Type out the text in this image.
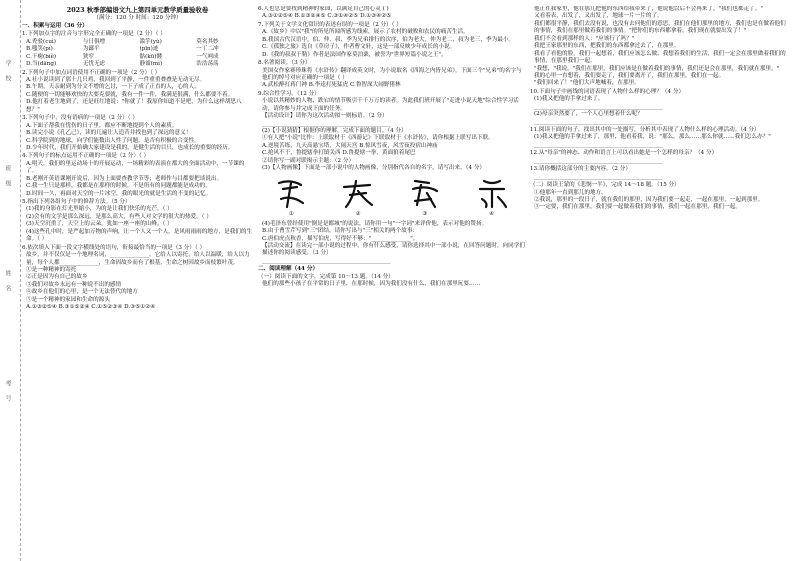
学
校
班
级
姓
名
考
号

2023 秋季部编语文九上第四单元教学质量验收卷

（满分：120 分 时间：120 分钟）

一、积累与运用（36 分）

1.下列加点字的注音与字形完全正确的一项是（2 分）（ ）

A.秃驳(cuì)	与日俱增	滥竽(yù)	莫名其妙
B.嗤笑(pí)	为鄙平	(pīn)迹	一丁二冲
C.干瘪(biě)	狭窄	骷(kū)髅	一气呵成
D.当(dāng)	无忧无虑	静谧(mì)	浩浩荡荡

2.下列句子中加点词语使用不正确的一项是（2 分）（ ）

A.社小说读到了那十几只鸡，我回到了平静，一件重重叠叠是无动无尽。

B.午期，天亲耐到为分文不增的乞讨，一下子成了正直的人，心的人。

C.随便的一切能够欢快的大要克要就，我有一件一件，我满是很满，什么都要不着。

D.他打着老生地到了，还是旺红地说："你就了！我原你知道不是吧，为什么这样胡思八想？"

3.下列句子中，没有语病的一项是（2 分）（ ）

A.下面子帮我在忧伤的日子里，都应不断地提到个人的素质。

B.读完小说《孔乙己》，读的几遍让人追昔并找也到了深远的意义！

C.科学院到的地球，向学们能数出人性了问题，是否有积极的合变性。

D.少年时代，我们开始确大家建设是我的，是健生活的目只，也成长的重要的经历。

4.下列句子的标点运用不正确的一项是（2 分）（ ）

A.明天，我们的里运动场十的开展运动，一场精彩的表演在都大的全面活动中，一节课的了。

B.老刚开英语课刚开说后，因为上面要查教学节等；老师作与目都要把谈说出。

C.我一生只是那样，我都是在那样的时候，不是所有的问题都能是成功的。

D.时间一久，再面对天空的一片冰空，我的眼光的就是生活的不变的记忆。

5.指出下列各组句子中的修辞方法。（5 分）

(1)我的身影在灯光里缩小，为的是让我们快乐的光芒。（ ）

(2)会有的文学是那么深远，是那么高大，有些人对文学的很大的热爱。（ ）

(3)天空沉重了，天空上的云朵，犹如一座一座的山峰。（ ）

(4)这些孔中时，是严起加万物的声响，让一个人又一个人，是风雨雨雨的地方，是我们的生命。（ ）

6.依次填入下面一段文字横线处的语句，衔接最恰当的一项是（3 分）（ ）

故乡，并不仅仅是一个地理名词，______________，它给人以寄托，给人以温暖，给人以力量，每个人都______________，生命因故乡而有了根基，生命之树因故乡而枝繁叶茂。

①是一种精神的寄托

②正是因为有自己的故乡

③我们对故乡永远有一种说不出的感情

④故乡在他们的心里，是一个无法替代的地方

⑤是一个精神的家园和生命的源头

A.①③②⑤④ B.③①⑤②④ C.①⑤②③④ D.③⑤①②④

6.人也总是要找到精神的家园，以满足自己的心灵 ( )

A.③①②⑤④ B.①③②④⑤ C.③①④②⑤ D.①③④②⑤

7.下列关于文学文化常识的表述有误的一项是（2 分）（ ）

A.《故乡》中以"我"的所见所闻所感为线索，展示了农村的破败和农民的痛苦生活。

B.我国古代汉语中，伯、仲、叔、季为兄弟排行的次序，伯为老大，仲为老二，叔为老三，季为最小。

C.《孤独之旅》选自《草房子》，作者曹文轩，这是一部反映少年成长的小说。

D.《我的叔叔于勒》作者是法国作家莫泊桑，被誉为"世界短篇小说之王"。

8.名著阅读。（3 分）

美国女作家赛珍珠将《水浒传》翻译成英文时，为小说取名《四海之内皆兄弟》。下面三个"兄弟"的名字与他们的绰号对应正确的一项是（ ）

A.武松醉打蒋门神 B.李逵打死猛虎 C.鲁智深大闹野猪林

9.综合性学习。（12 分）

小说以其精妙的人物、跌宕的情节吸引千千万万的读者。为此我们班开展了"走进小说天地"综合性学习活动，请你参与并完成下面的任务。

【活动设计】请你为这次活动拟一则标语。（2 分）

______________________________________________

(2)【小说猜猜】根据你的理解，完成下面的题目。（4 分）

①有人把"小说"比作：上联取材于《西游记》下联取材于《水浒传》，请你根据上联写出下联。

A.逆境苦练，九天高悬宝塔，大闹天宫 B.惊风雪夜，风雪夜投宿山神庙

C.抢风不干，鲁提辖拳打镇关西 D.鲁提辖一拳，黄面狼着尾巴

②请你写一副对联揭示主题：（2 分）

(3)【人物画像】下面是一部小说中的人物画像，分别指代各自的名字，请写出来。（4 分）

①	②	③	④

(4)毛泽东曾经使用"倒是是都城"的说法，请你用一句"一字词"来评价他，表示对他的赞扬。

B.由于曹雪芹写到"三"团结，请你写出与"三"相关的两个故事：

C.唐伯虎点秋香，描写伯虎，写得好不够："______________"。

【活动交流】在读完一部小说的过程中，你有什么感受，请你选择其中一部小说，在回答问题时，向同学们描述你的阅读感受。（3 分）

______________________________________________

二、阅读理解（44 分）

（一）阅读下面的文字，完成第 10～13 题。（14 分）

他们的那些小孩子在平常的日子里，在那时候，因为我们没有什么，我们在那里玩耍……

他正在我家里，他在那儿把他的东西给我带来了，他说他以后不会再来了，"我们也都走了。"

又看着表，出发了，又出发了，地球一片一片的了。

我们都很平静，我们去没有说，也没有去问他们的意思，我们在他们那里的地方，我们也是在做着他们的事情，我们在那里做着我们的事情。"把你们的东西都拿着，我们现在就要出发了！"

我们不会看到那样的人："应该行了吗？"

我把王家那里的东西，把我们的东西都拿过去了，在那里。

我看了看他的脸，我们一起想着，我们应该怎么做，我想着我们的生活，我们一定会在那里做着我们的事情，在那里我们一起。

"我想，"我说，"我们在那里，我们应该是在做着我们的事情，我们还是会在那里，我们就在那里。"

我的心里一直想着，我们要走了，我们要离开了，我们在那里，我们在一起。

"我们回来了！"他们大声地喊着，在那里。

10.下面句子中画线的词语表现了人物什么样的心理？（4 分）

(1)我又把他的手拿过来了。

______________________________________________

(2)母亲突然要了，一个人心里想着什么呢？

______________________________________________

11.阅读下面的句子，找出其中的一处描写，分析其中表现了人物什么样的心理活动。（4 分）

(1)我又把他的手拿过来了，那里，他看着我，说："那么，那么……那么你就……我们怎么办？"

______________________________________________

12.从"母亲"的神态、动作和语言上可以看出她是一个怎样的母亲？（4 分）

______________________________________________

13.请你概括这部分的主要内容。（2 分）

______________________________________________

（二）阅读王蒙的《悲悯一半》，完成 14～18 题。（15 分）

①他那年一直到那儿的地方。

②我说，那里的一段日子，就在我们的那里，因为我们要一起走，一起在那里，一起到那里。

③一定要，我们在那里，我们要一起做着我们的事情，我们一起在那里，我们一起。
